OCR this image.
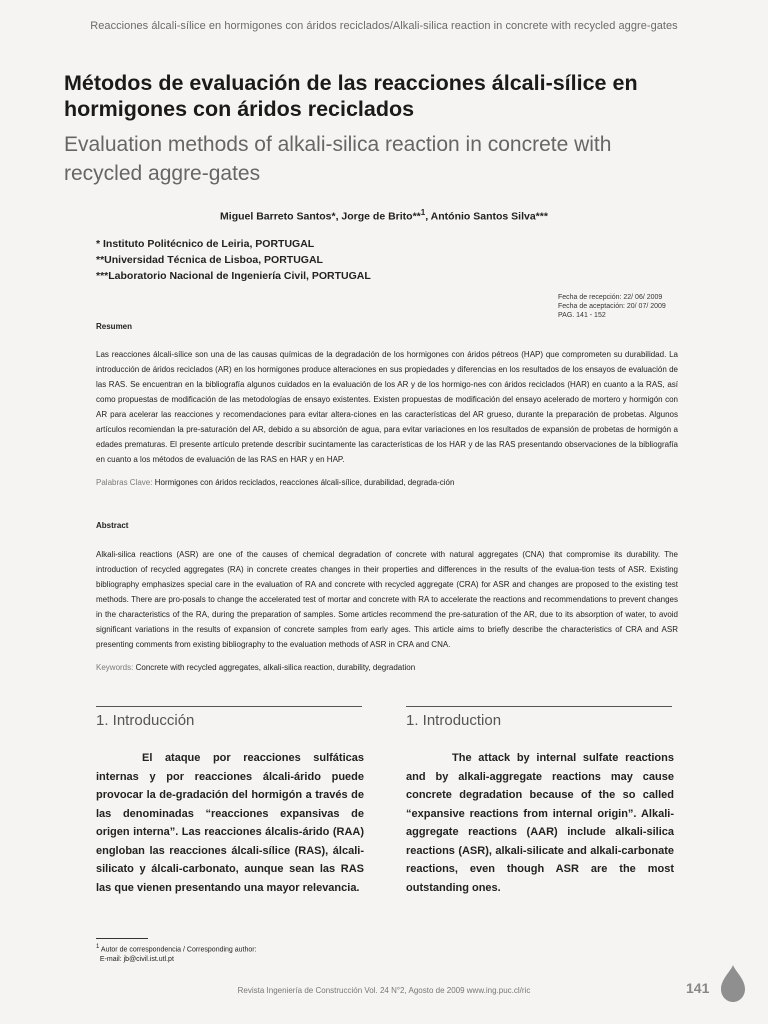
Reacciones álcali-sílice en hormigones con áridos reciclados/Alkali-silica reaction in concrete with recycled aggre-gates
Métodos de evaluación de las reacciones álcali-sílice en hormigones con áridos reciclados
Evaluation methods of alkali-silica reaction in concrete with recycled aggre-gates
Miguel Barreto Santos*, Jorge de Brito**$^1$, António Santos Silva***
* Instituto Politécnico de Leiria, PORTUGAL
**Universidad Técnica de Lisboa, PORTUGAL
***Laboratorio Nacional de Ingeniería Civil, PORTUGAL
Fecha de recepción: 22/ 06/ 2009
Fecha de aceptación: 20/ 07/ 2009
PAG. 141 - 152
Resumen
Las reacciones álcali-sílice son una de las causas químicas de la degradación de los hormigones con áridos pétreos (HAP) que comprometen su durabilidad. La introducción de áridos reciclados (AR) en los hormigones produce alteraciones en sus propiedades y diferencias en los resultados de los ensayos de evaluación de las RAS. Se encuentran en la bibliografía algunos cuidados en la evaluación de los AR y de los hormigo-nes con áridos reciclados (HAR) en cuanto a la RAS, así como propuestas de modificación de las metodologías de ensayo existentes. Existen propuestas de modificación del ensayo acelerado de mortero y hormigón con AR para acelerar las reacciones y recomendaciones para evitar altera-ciones en las características del AR grueso, durante la preparación de probetas. Algunos artículos recomiendan la pre-saturación del AR, debido a su absorción de agua, para evitar variaciones en los resultados de expansión de probetas de hormigón a edades prematuras. El presente artículo pretende describir sucintamente las características de los HAR y de las RAS presentando observaciones de la bibliografía en cuanto a los métodos de evaluación de las RAS en HAR y en HAP.
Palabras Clave: Hormigones con áridos reciclados, reacciones álcali-sílice, durabilidad, degrada-ción
Abstract
Alkali-silica reactions (ASR) are one of the causes of chemical degradation of concrete with natural aggregates (CNA) that compromise its durability. The introduction of recycled aggregates (RA) in concrete creates changes in their properties and differences in the results of the evalua-tion tests of ASR. Existing bibliography emphasizes special care in the evaluation of RA and concrete with recycled aggregate (CRA) for ASR and changes are proposed to the existing test methods. There are pro-posals to change the accelerated test of mortar and concrete with RA to accelerate the reactions and recommendations to prevent changes in the characteristics of the RA, during the preparation of samples. Some articles recommend the pre-saturation of the AR, due to its absorption of water, to avoid significant variations in the results of expansion of concrete samples from early ages. This article aims to briefly describe the characteristics of CRA and ASR presenting comments from existing bibliography to the evaluation methods of ASR in CRA and CNA.
Keywords: Concrete with recycled aggregates, alkali-silica reaction, durability, degradation
1. Introducción	1. Introduction
El ataque por reacciones sulfáticas internas y por reacciones álcali-árido puede provocar la de-gradación del hormigón a través de las denominadas “reacciones expansivas de origen interna”. Las reacciones álcalis-árido (RAA) engloban las reacciones álcali-sílice (RAS), álcali-silicato y álcali-carbonato, aunque sean las RAS las que vienen presentando una mayor relevancia.
The attack by internal sulfate reactions and by alkali-aggregate reactions may cause concrete degradation because of the so called “expansive reactions from internal origin”. Alkali-aggregate reactions (AAR) include alkali-silica reactions (ASR), alkali-silicate and alkali-carbonate reactions, even though ASR are the most outstanding ones.
$^1$ Autor de correspondencia / Corresponding author:
E-mail: jb@civil.ist.utl.pt
Revista Ingeniería de Construcción Vol. 24 N°2, Agosto de 2009 www.ing.puc.cl/ric	141
